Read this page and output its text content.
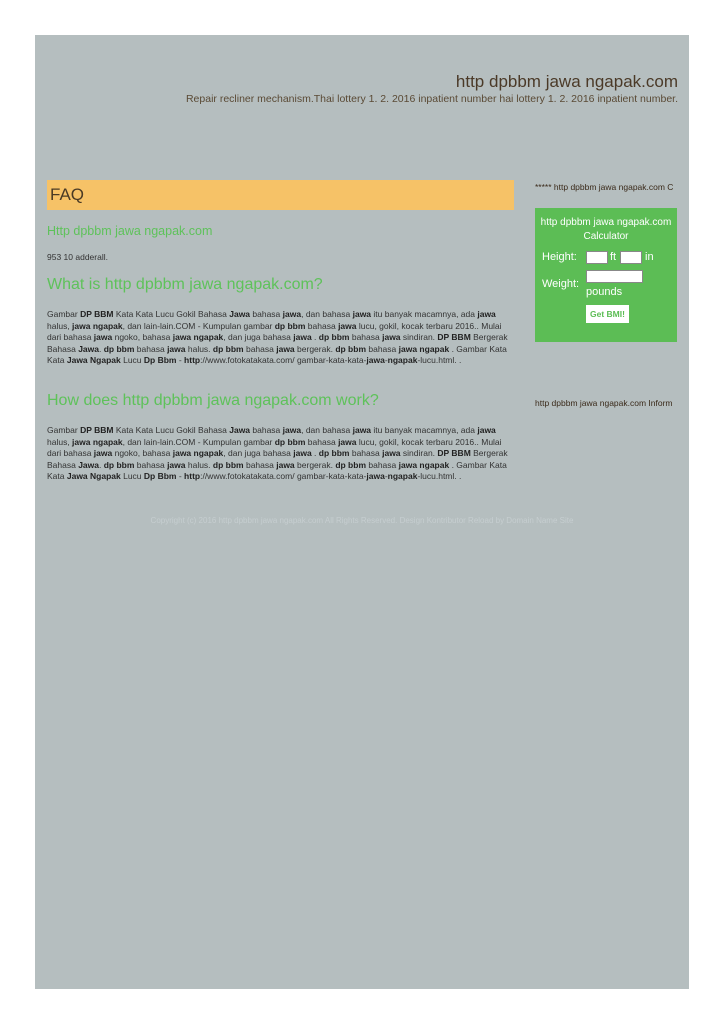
http dpbbm jawa ngapak.com

Repair recliner mechanism.Thai lottery 1. 2. 2016 inpatient number hai lottery 1. 2. 2016 inpatient number.

FAQ
Http dpbbm jawa ngapak.com

953 10 adderall.

What is http dpbbm jawa ngapak.com?

Gambar DP BBM Kata Kata Lucu Gokil Bahasa Jawa bahasa jawa, dan bahasa jawa itu banyak macamnya, ada jawa halus, jawa ngapak, dan lain-lain.COM - Kumpulan gambar dp bbm bahasa jawa lucu, gokil, kocak terbaru 2016.. Mulai dari bahasa jawa ngoko, bahasa jawa ngapak, dan juga bahasa jawa . dp bbm bahasa jawa sindiran. DP BBM Bergerak Bahasa Jawa. dp bbm bahasa jawa halus. dp bbm bahasa jawa bergerak. dp bbm bahasa jawa ngapak . Gambar Kata Kata Jawa Ngapak Lucu Dp Bbm - http://www.fotokatakata.com/ gambar-kata-kata-jawa-ngapak-lucu.html. .

How does http dpbbm jawa ngapak.com work?

Gambar DP BBM Kata Kata Lucu Gokil Bahasa Jawa bahasa jawa, dan bahasa jawa itu banyak macamnya, ada jawa halus, jawa ngapak, dan lain-lain.COM - Kumpulan gambar dp bbm bahasa jawa lucu, gokil, kocak terbaru 2016.. Mulai dari bahasa jawa ngoko, bahasa jawa ngapak, dan juga bahasa jawa . dp bbm bahasa jawa sindiran. DP BBM Bergerak Bahasa Jawa. dp bbm bahasa jawa halus. dp bbm bahasa jawa bergerak. dp bbm bahasa jawa ngapak . Gambar Kata Kata Jawa Ngapak Lucu Dp Bbm - http://www.fotokatakata.com/ gambar-kata-kata-jawa-ngapak-lucu.html. .

***** http dpbbm jawa ngapak.com C
http dpbbm jawa ngapak.com Calculator
Height:	ft	in
Weight:
pounds
Get BMI!
http dpbbm jawa ngapak.com Inform
Copyright (c) 2016 http dpbbm jawa ngapak.com All Rights Reserved. Design Kontributor Reload by Domain Name Site
